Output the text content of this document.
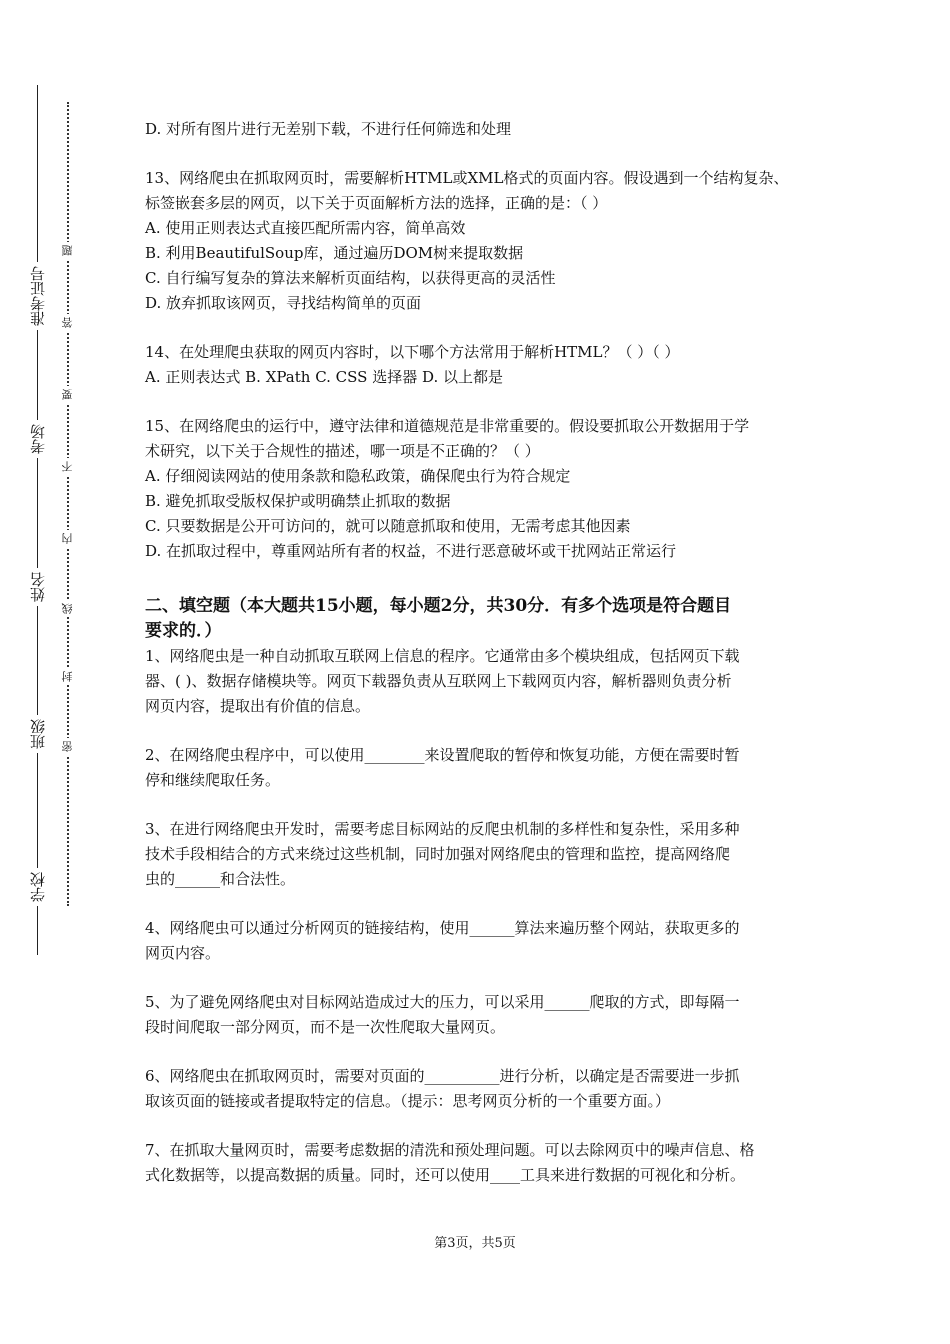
学校
班级
姓名
考场
准考证号
密
封
线
内
不
要
答
题

D. 对所有图片进行无差别下载，不进行任何筛选和处理

13、网络爬虫在抓取网页时，需要解析HTML或XML格式的页面内容。假设遇到一个结构复杂、

标签嵌套多层的网页，以下关于页面解析方法的选择，正确的是：（ ）

A. 使用正则表达式直接匹配所需内容，简单高效

B. 利用BeautifulSoup库，通过遍历DOM树来提取数据

C. 自行编写复杂的算法来解析页面结构，以获得更高的灵活性

D. 放弃抓取该网页，寻找结构简单的页面

14、在处理爬虫获取的网页内容时，以下哪个方法常用于解析HTML？（ ）（ ）

A. 正则表达式 B. XPath C. CSS 选择器 D. 以上都是

15、在网络爬虫的运行中，遵守法律和道德规范是非常重要的。假设要抓取公开数据用于学

术研究，以下关于合规性的描述，哪一项是不正确的？（ ）

A. 仔细阅读网站的使用条款和隐私政策，确保爬虫行为符合规定

B. 避免抓取受版权保护或明确禁止抓取的数据

C. 只要数据是公开可访问的，就可以随意抓取和使用，无需考虑其他因素

D. 在抓取过程中，尊重网站所有者的权益，不进行恶意破坏或干扰网站正常运行

二、填空题（本大题共15小题，每小题2分，共30分．有多个选项是符合题目

要求的．）

1、网络爬虫是一种自动抓取互联网上信息的程序。它通常由多个模块组成，包括网页下载

器、( )、数据存储模块等。网页下载器负责从互联网上下载网页内容，解析器则负责分析

网页内容，提取出有价值的信息。

2、在网络爬虫程序中，可以使用________来设置爬取的暂停和恢复功能，方便在需要时暂

停和继续爬取任务。

3、在进行网络爬虫开发时，需要考虑目标网站的反爬虫机制的多样性和复杂性，采用多种

技术手段相结合的方式来绕过这些机制，同时加强对网络爬虫的管理和监控，提高网络爬

虫的______和合法性。

4、网络爬虫可以通过分析网页的链接结构，使用______算法来遍历整个网站，获取更多的

网页内容。

5、为了避免网络爬虫对目标网站造成过大的压力，可以采用______爬取的方式，即每隔一

段时间爬取一部分网页，而不是一次性爬取大量网页。

6、网络爬虫在抓取网页时，需要对页面的__________进行分析，以确定是否需要进一步抓

取该页面的链接或者提取特定的信息。（提示：思考网页分析的一个重要方面。）

7、在抓取大量网页时，需要考虑数据的清洗和预处理问题。可以去除网页中的噪声信息、格

式化数据等，以提高数据的质量。同时，还可以使用____工具来进行数据的可视化和分析。

第3页，共5页
